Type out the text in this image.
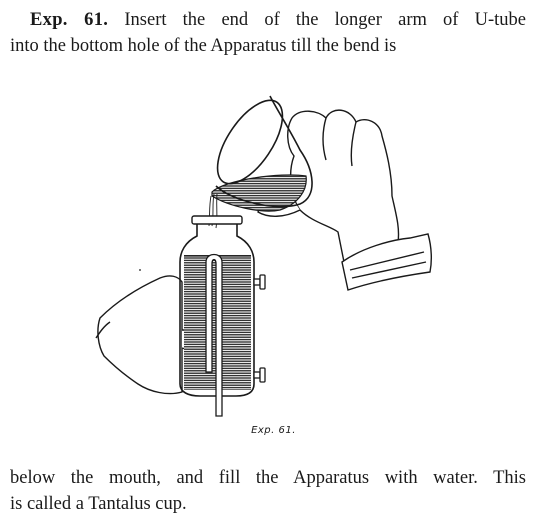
Exp. 61. Insert the end of the longer arm of U-tube
into the bottom hole of the Apparatus till the bend is

Exp. 61.

below the mouth, and fill the Apparatus with water. This
is called a Tantalus cup.
